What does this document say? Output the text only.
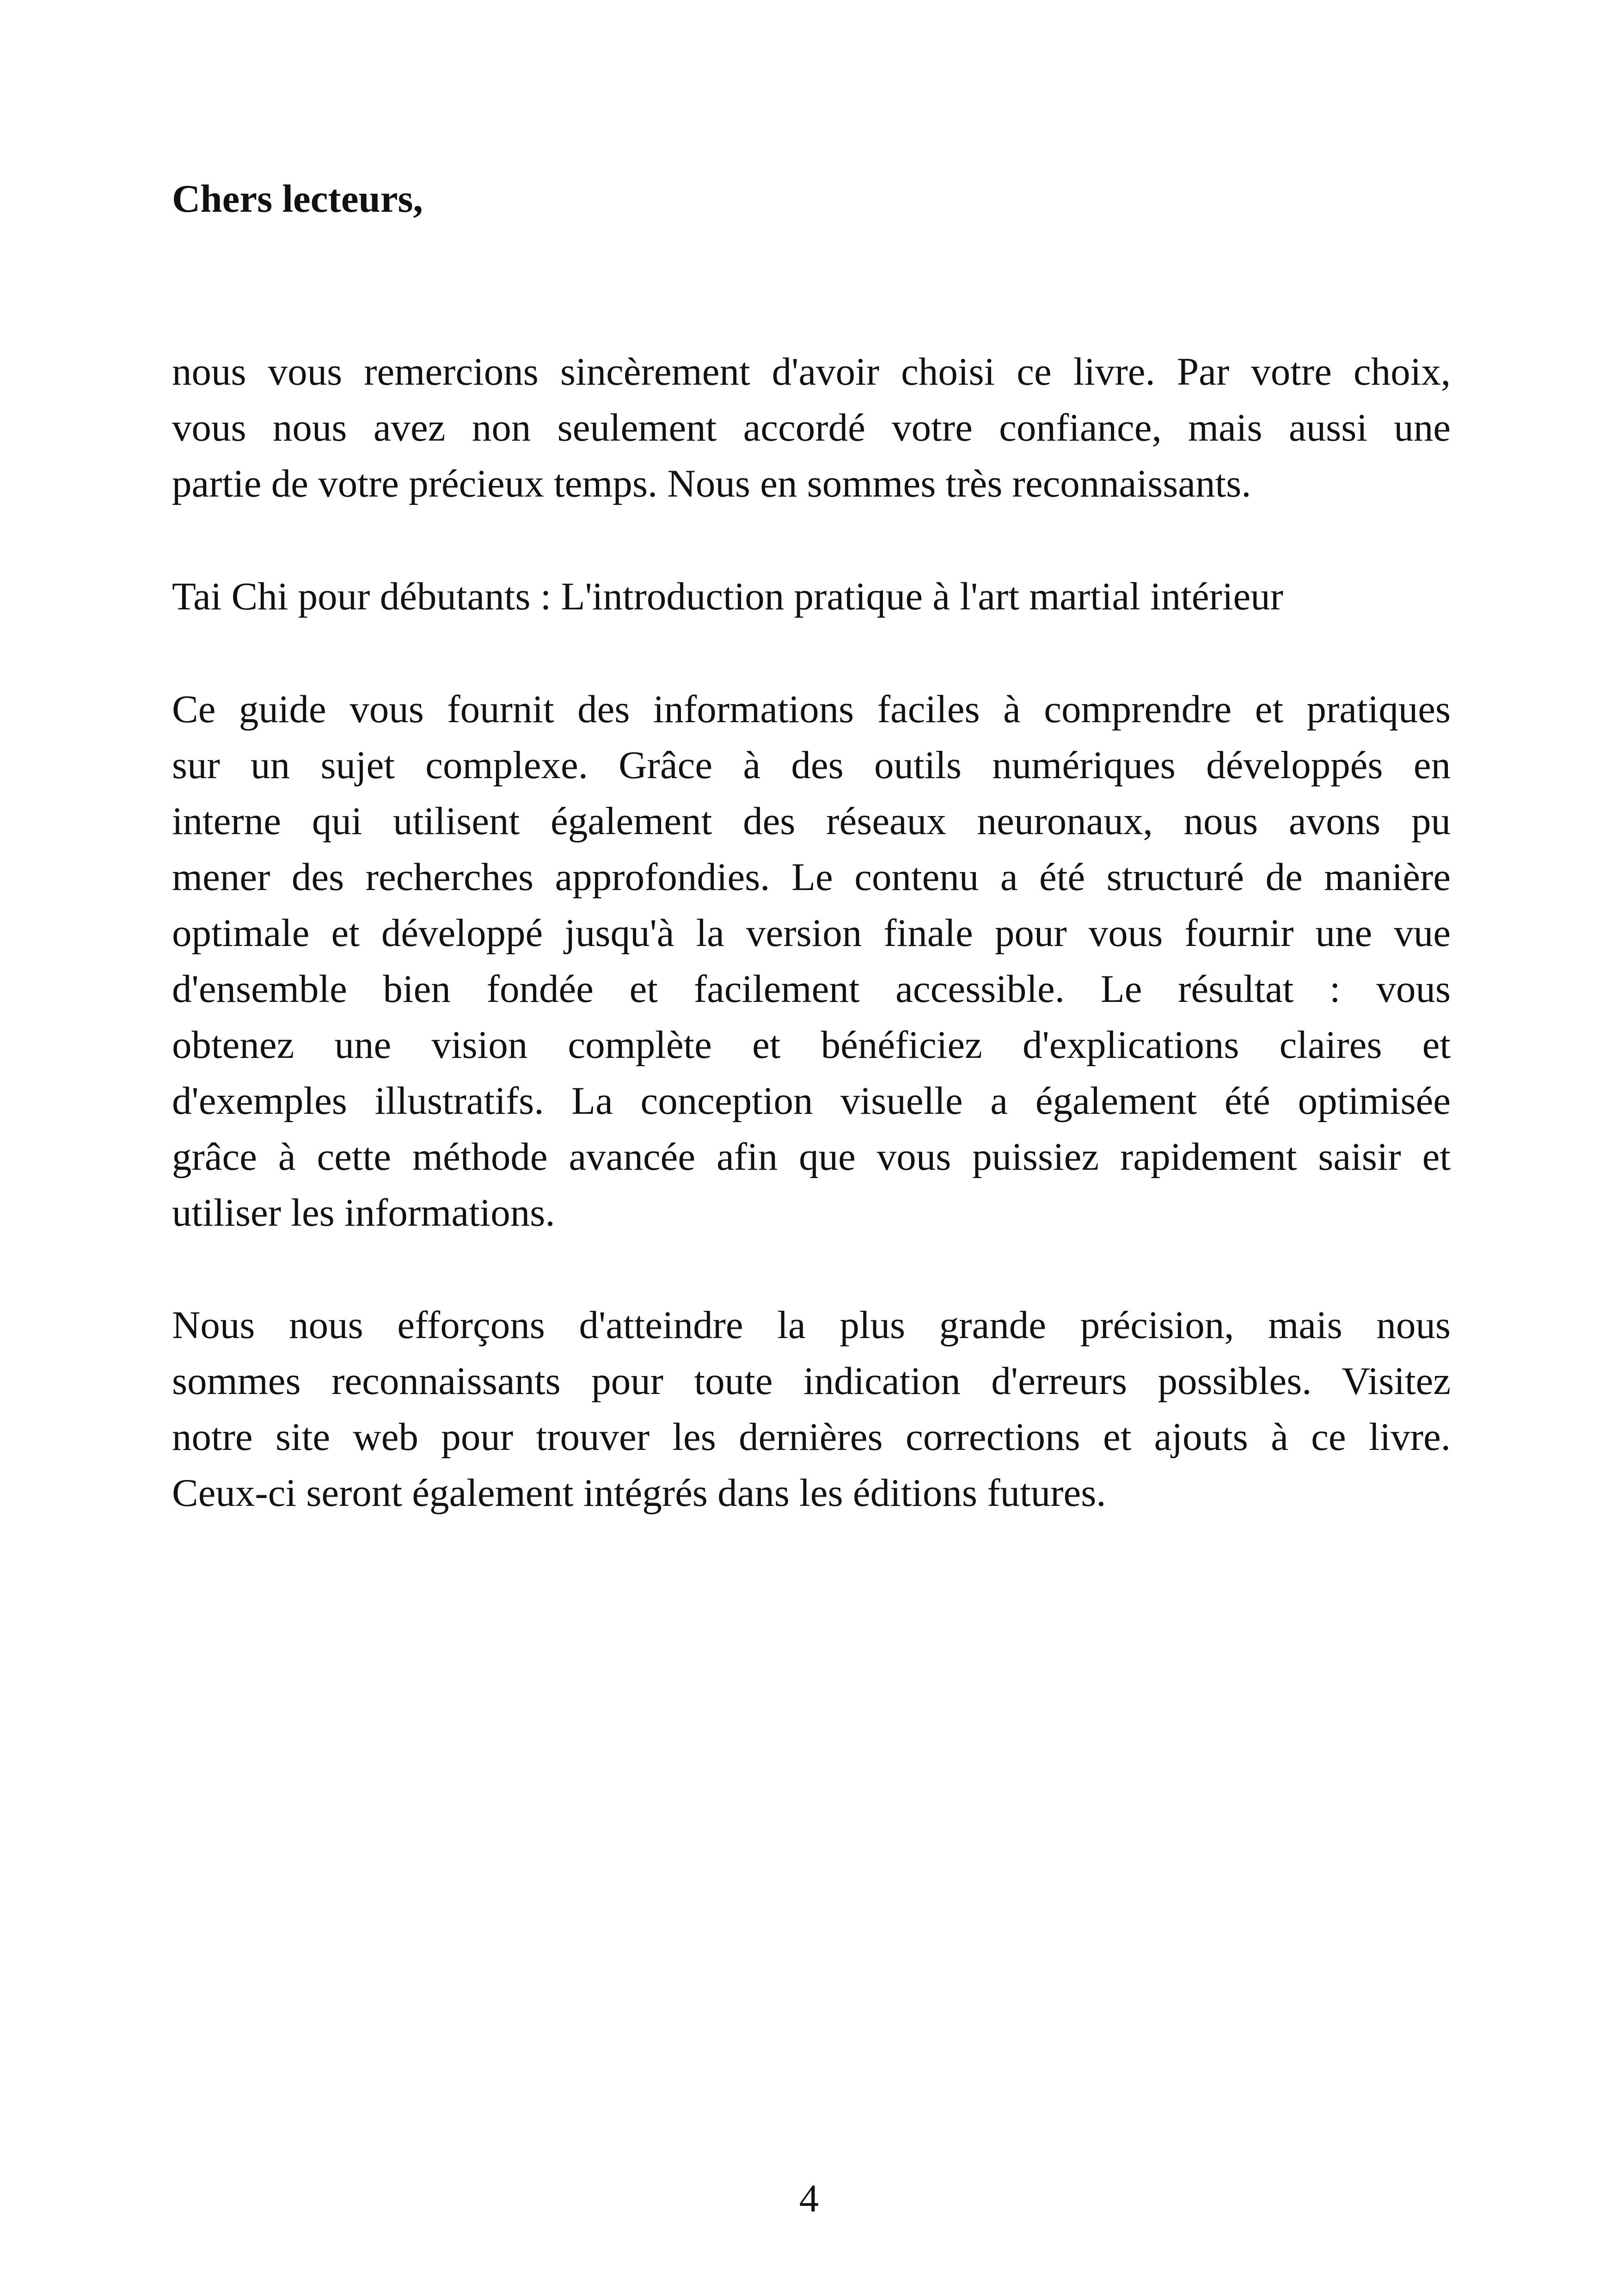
Chers lecteurs,

nous vous remercions sincèrement d'avoir choisi ce livre. Par votre choix,
vous nous avez non seulement accordé votre confiance, mais aussi une
partie de votre précieux temps. Nous en sommes très reconnaissants.

Tai Chi pour débutants : L'introduction pratique à l'art martial intérieur

Ce guide vous fournit des informations faciles à comprendre et pratiques
sur un sujet complexe. Grâce à des outils numériques développés en
interne qui utilisent également des réseaux neuronaux, nous avons pu
mener des recherches approfondies. Le contenu a été structuré de manière
optimale et développé jusqu'à la version finale pour vous fournir une vue
d'ensemble bien fondée et facilement accessible. Le résultat : vous
obtenez une vision complète et bénéficiez d'explications claires et
d'exemples illustratifs. La conception visuelle a également été optimisée
grâce à cette méthode avancée afin que vous puissiez rapidement saisir et
utiliser les informations.

Nous nous efforçons d'atteindre la plus grande précision, mais nous
sommes reconnaissants pour toute indication d'erreurs possibles. Visitez
notre site web pour trouver les dernières corrections et ajouts à ce livre.
Ceux-ci seront également intégrés dans les éditions futures.

4
